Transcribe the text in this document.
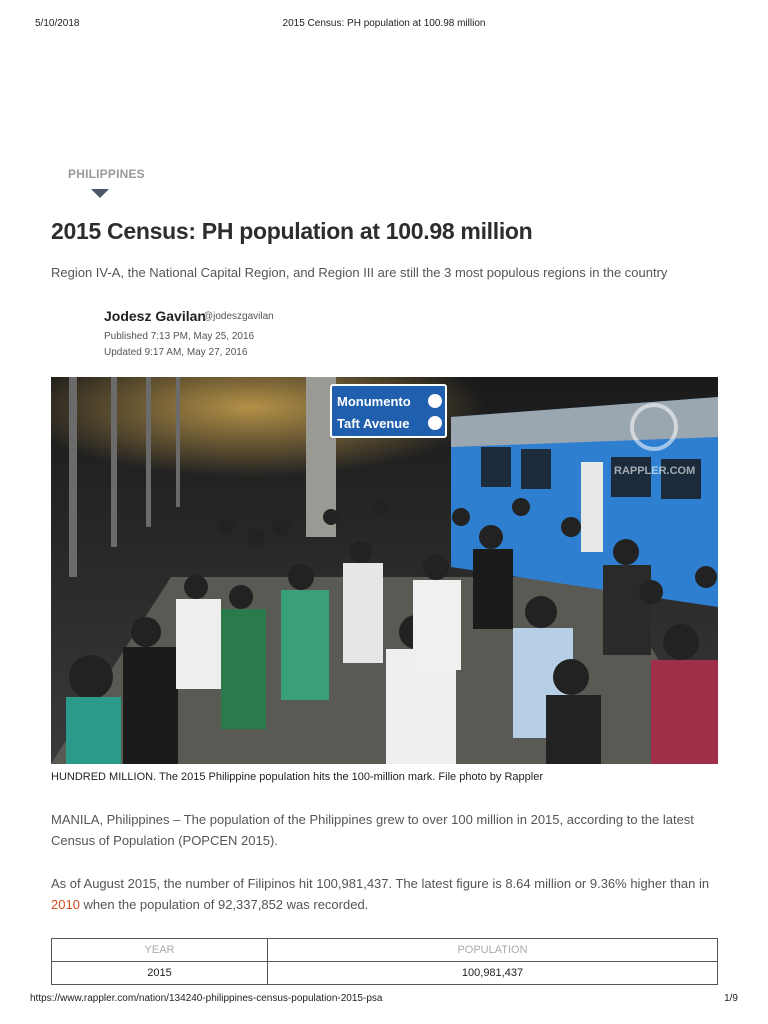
5/10/2018	2015 Census: PH population at 100.98 million
PHILIPPINES
2015 Census: PH population at 100.98 million
Region IV-A, the National Capital Region, and Region III are still the 3 most populous regions in the country
Jodesz Gavilan
@jodeszgavilan
Published 7:13 PM, May 25, 2016
Updated 9:17 AM, May 27, 2016
Monumento
Taft Avenue
RAPPLER.COM
HUNDRED MILLION. The 2015 Philippine population hits the 100-million mark. File photo by Rappler
MANILA, Philippines – The population of the Philippines grew to over 100 million in 2015, according to the latest Census of Population (POPCEN 2015).
As of August 2015, the number of Filipinos hit 100,981,437. The latest figure is 8.64 million or 9.36% higher than in 2010 when the population of 92,337,852 was recorded.
YEAR	POPULATION
2015	100,981,437
https://www.rappler.com/nation/134240-philippines-census-population-2015-psa	1/9
